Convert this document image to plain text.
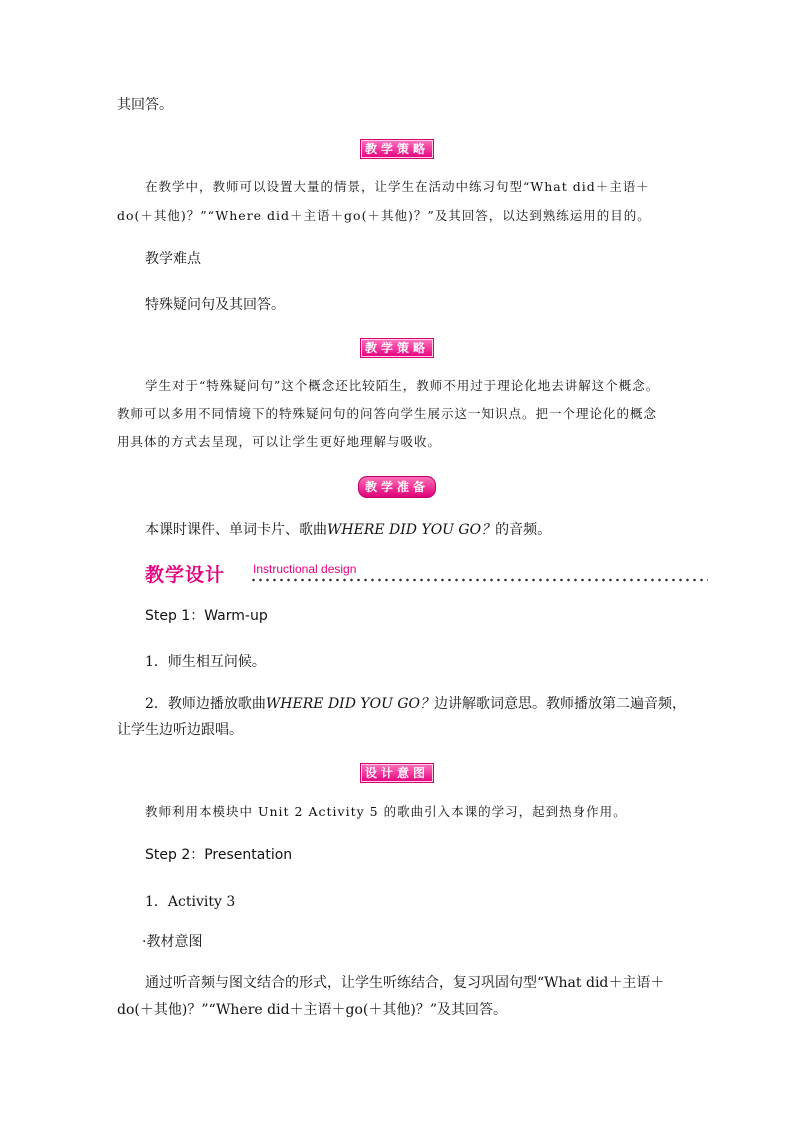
其回答。
教学策略
在教学中，教师可以设置大量的情景，让学生在活动中练习句型“What did＋主语＋
do(＋其他)？”“Where did＋主语＋go(＋其他)？”及其回答，以达到熟练运用的目的。
教学难点
特殊疑问句及其回答。
教学策略
学生对于“特殊疑问句”这个概念还比较陌生，教师不用过于理论化地去讲解这个概念。
教师可以多用不同情境下的特殊疑问句的问答向学生展示这一知识点。把一个理论化的概念
用具体的方式去呈现，可以让学生更好地理解与吸收。
教学准备
本课时课件、单词卡片、歌曲WHERE DID YOU GO？的音频。
教学设计 Instructional design
Step 1：Warm-up
1．师生相互问候。
2．教师边播放歌曲WHERE DID YOU GO？边讲解歌词意思。教师播放第二遍音频，
让学生边听边跟唱。
设计意图
教师利用本模块中 Unit 2 Activity 5 的歌曲引入本课的学习，起到热身作用。
Step 2：Presentation
1．Activity 3
·教材意图
通过听音频与图文结合的形式，让学生听练结合，复习巩固句型“What did＋主语＋
do(＋其他)？”“Where did＋主语＋go(＋其他)？”及其回答。
